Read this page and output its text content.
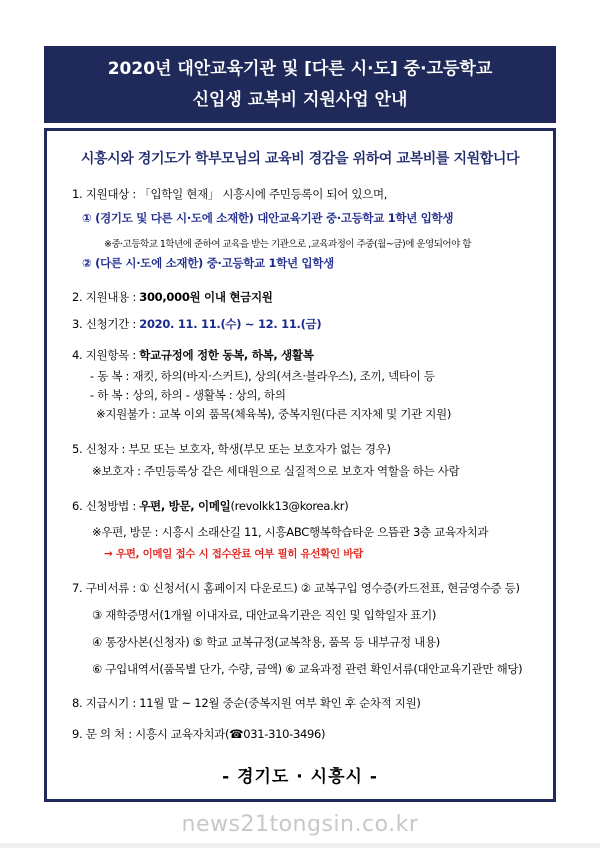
2020년 대안교육기관 및 [다른 시·도] 중·고등학교
신입생 교복비 지원사업 안내
시흥시와 경기도가 학부모님의 교육비 경감을 위하여 교복비를 지원합니다
1. 지원대상 : 「입학일 현재」 시흥시에 주민등록이 되어 있으며,
① (경기도 및 다른 시·도에 소재한) 대안교육기관 중·고등학교 1학년 입학생
※중·고등학교 1학년에 준하여 교육을 받는 기관으로 ,교육과정이 주중(월~금)에 운영되어야 함
② (다른 시·도에 소재한) 중·고등학교 1학년 입학생
2. 지원내용 : 300,000원 이내 현금지원
3. 신청기간 : 2020. 11. 11.(수) ~ 12. 11.(금)
4. 지원항목 : 학교규정에 정한 동복, 하복, 생활복
- 동 복 : 재킷, 하의(바지·스커트), 상의(셔츠·블라우스), 조끼, 넥타이 등
- 하 복 : 상의, 하의 - 생활복 : 상의, 하의
※지원불가 : 교복 이외 품목(체육복), 중복지원(다른 지자체 및 기관 지원)
5. 신청자 : 부모 또는 보호자, 학생(부모 또는 보호자가 없는 경우)
※보호자 : 주민등록상 같은 세대원으로 실질적으로 보호자 역할을 하는 사람
6. 신청방법 : 우편, 방문, 이메일(revolkk13@korea.kr)
※우편, 방문 : 시흥시 소래산길 11, 시흥ABC행복학습타운 으뜸관 3층 교육자치과
→ 우편, 이메일 접수 시 접수완료 여부 필히 유선확인 바람
7. 구비서류 : ① 신청서(시 홈페이지 다운로드) ② 교복구입 영수증(카드전표, 현금영수증 등)
③ 재학증명서(1개월 이내자료, 대안교육기관은 직인 및 입학일자 표기)
④ 통장사본(신청자) ⑤ 학교 교복규정(교복착용, 품목 등 내부규정 내용)
⑥ 구입내역서(품목별 단가, 수량, 금액) ⑥ 교육과정 관련 확인서류(대안교육기관만 해당)
8. 지급시기 : 11월 말 ~ 12월 중순(중복지원 여부 확인 후 순차적 지원)
9. 문 의 처 : 시흥시 교육자치과(☎031-310-3496)
- 경기도 · 시흥시 -
news21tongsin.co.kr
